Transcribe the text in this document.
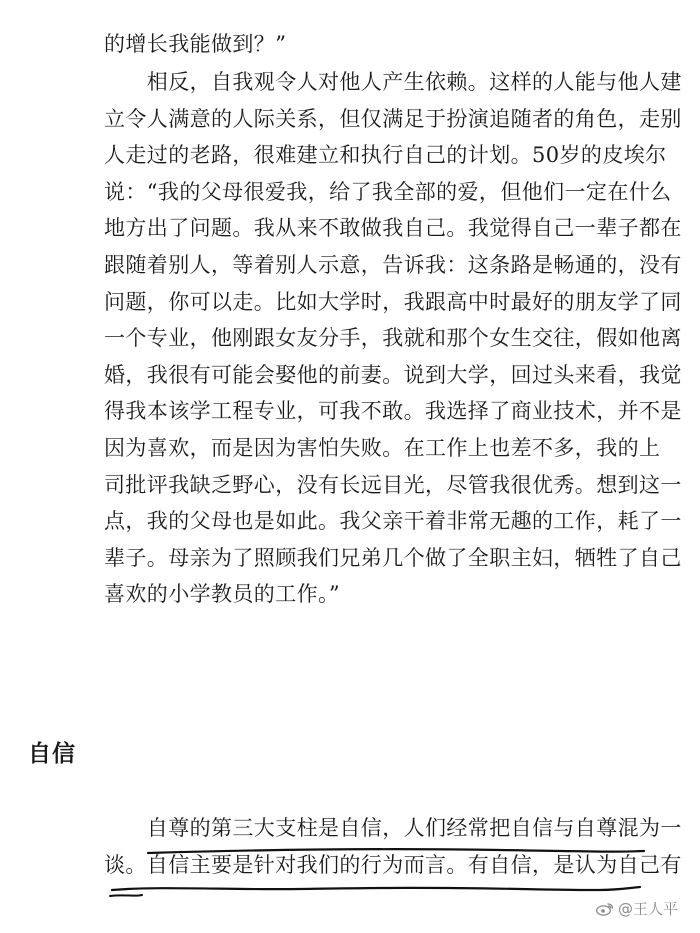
的增长我能做到？”
　　相反，自我观令人对他人产生依赖。这样的人能与他人建
立令人满意的人际关系，但仅满足于扮演追随者的角色，走别
人走过的老路，很难建立和执行自己的计划。50岁的皮埃尔
说：“我的父母很爱我，给了我全部的爱，但他们一定在什么
地方出了问题。我从来不敢做我自己。我觉得自己一辈子都在
跟随着别人，等着别人示意，告诉我：这条路是畅通的，没有
问题，你可以走。比如大学时，我跟高中时最好的朋友学了同
一个专业，他刚跟女友分手，我就和那个女生交往，假如他离
婚，我很有可能会娶他的前妻。说到大学，回过头来看，我觉
得我本该学工程专业，可我不敢。我选择了商业技术，并不是
因为喜欢，而是因为害怕失败。在工作上也差不多，我的上
司批评我缺乏野心，没有长远目光，尽管我很优秀。想到这一
点，我的父母也是如此。我父亲干着非常无趣的工作，耗了一
辈子。母亲为了照顾我们兄弟几个做了全职主妇，牺牲了自己
喜欢的小学教员的工作。”
自信
　　自尊的第三大支柱是自信，人们经常把自信与自尊混为一
谈。自信主要是针对我们的行为而言。有自信，是认为自己有
@王人平
